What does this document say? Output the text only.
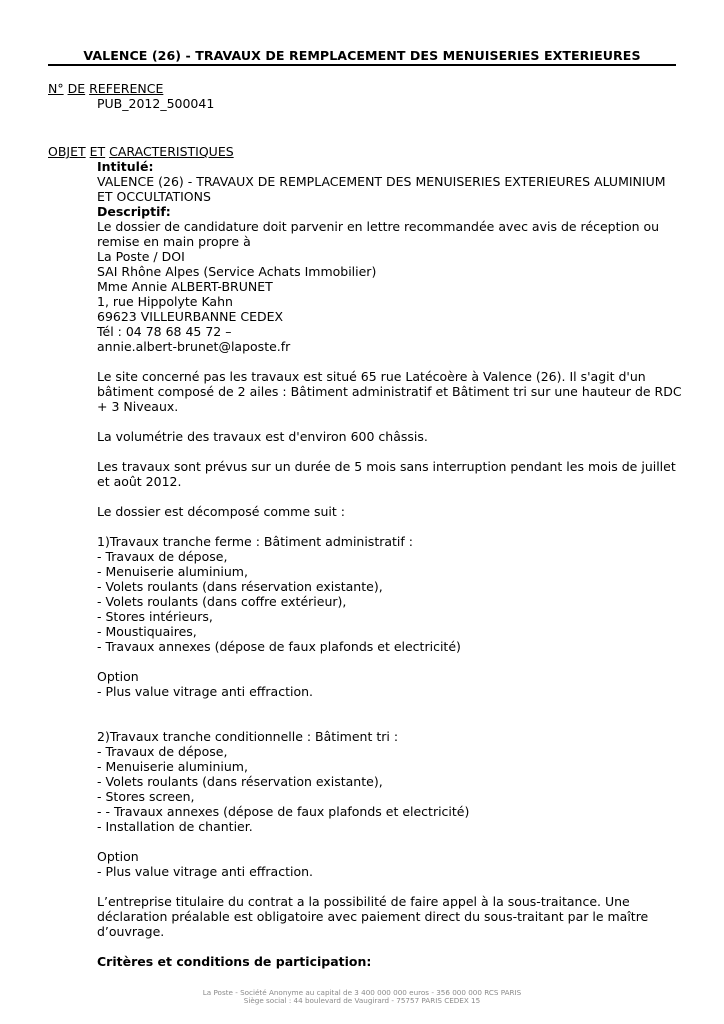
VALENCE (26) - TRAVAUX DE REMPLACEMENT DES MENUISERIES EXTERIEURES
N° DE REFERENCE
PUB_2012_500041
OBJET ET CARACTERISTIQUES
Intitulé:
VALENCE (26) - TRAVAUX DE REMPLACEMENT DES MENUISERIES EXTERIEURES ALUMINIUM
ET OCCULTATIONS
Descriptif:
Le dossier de candidature doit parvenir en lettre recommandée avec avis de réception ou
remise en main propre à
La Poste / DOI
SAI Rhône Alpes (Service Achats Immobilier)
Mme Annie ALBERT-BRUNET
1, rue Hippolyte Kahn
69623 VILLEURBANNE CEDEX
Tél : 04 78 68 45 72 –
annie.albert-brunet@laposte.fr
Le site concerné pas les travaux est situé 65 rue Latécoère à Valence (26). Il s'agit d'un
bâtiment composé de 2 ailes : Bâtiment administratif et Bâtiment tri sur une hauteur de RDC
+ 3 Niveaux.
La volumétrie des travaux est d'environ 600 châssis.
Les travaux sont prévus sur un durée de 5 mois sans interruption pendant les mois de juillet
et août 2012.
Le dossier est décomposé comme suit :
1)Travaux tranche ferme : Bâtiment administratif :
- Travaux de dépose,
- Menuiserie aluminium,
- Volets roulants (dans réservation existante),
- Volets roulants (dans coffre extérieur),
- Stores intérieurs,
- Moustiquaires,
- Travaux annexes (dépose de faux plafonds et electricité)
Option
- Plus value vitrage anti effraction.
2)Travaux tranche conditionnelle : Bâtiment tri :
- Travaux de dépose,
- Menuiserie aluminium,
- Volets roulants (dans réservation existante),
- Stores screen,
- - Travaux annexes (dépose de faux plafonds et electricité)
- Installation de chantier.
Option
- Plus value vitrage anti effraction.
L’entreprise titulaire du contrat a la possibilité de faire appel à la sous-traitance. Une
déclaration préalable est obligatoire avec paiement direct du sous-traitant par le maître
d’ouvrage.
Critères et conditions de participation:
La Poste - Société Anonyme au capital de 3 400 000 000 euros - 356 000 000 RCS PARIS
Siège social : 44 boulevard de Vaugirard - 75757 PARIS CEDEX 15
